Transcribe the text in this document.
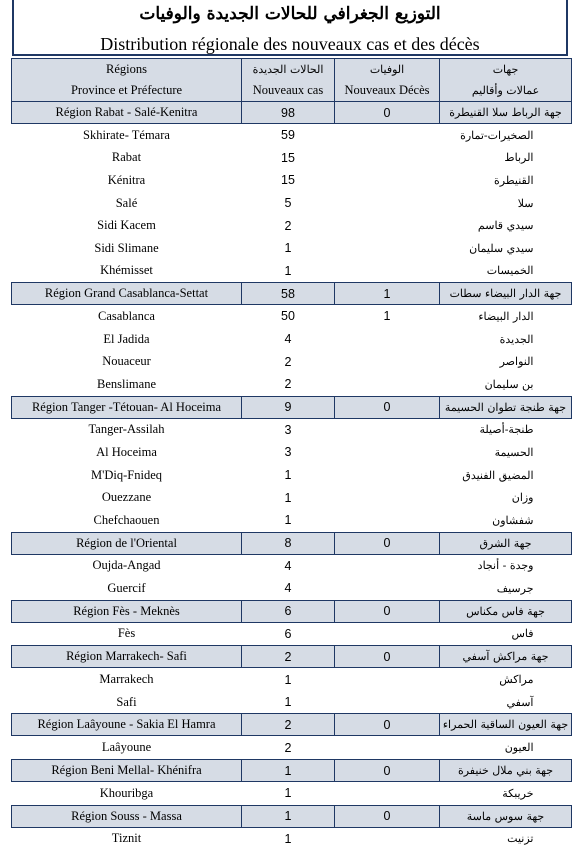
التوزيع الجغرافي للحالات الجديدة والوفيات
Distribution régionale des nouveaux cas et des décès
Régions	الحالات الجديدة	الوفيات	جهات
Province et Préfecture	Nouveaux cas	Nouveaux Décès	عمالات وأقاليم
Région Rabat - Salé-Kenitra	98	0	جهة الرباط سلا القنيطرة
Skhirate- Témara	59		الصخيرات-تمارة
Rabat	15		الرباط
Kénitra	15		القنيطرة
Salé	5		سلا
Sidi Kacem	2		سيدي قاسم
Sidi Slimane	1		سيدي سليمان
Khémisset	1		الخميسات
Région Grand Casablanca-Settat	58	1	جهة الدار البيضاء سطات
Casablanca	50	1	الدار البيضاء
El Jadida	4		الجديدة
Nouaceur	2		النواصر
Benslimane	2		بن سليمان
Région Tanger -Tétouan- Al Hoceima	9	0	جهة طنجة تطوان الحسيمة
Tanger-Assilah	3		طنجة-أصيلة
Al Hoceima	3		الحسيمة
M'Diq-Fnideq	1		المضيق الفنيدق
Ouezzane	1		وزان
Chefchaouen	1		شفشاون
Région de l'Oriental	8	0	جهة الشرق
Oujda-Angad	4		وجدة - أنجاد
Guercif	4		جرسيف
Région Fès - Meknès	6	0	جهة فاس مكناس
Fès	6		فاس
Région Marrakech- Safi	2	0	جهة مراكش آسفي
Marrakech	1		مراكش
Safi	1		آسفي
Région Laâyoune - Sakia El Hamra	2	0	جهة العيون الساقية الحمراء
Laâyoune	2		العيون
Région Beni Mellal- Khénifra	1	0	جهة بني ملال خنيفرة
Khouribga	1		خريبكة
Région Souss - Massa	1	0	جهة سوس ماسة
Tiznit	1		تزنيت
